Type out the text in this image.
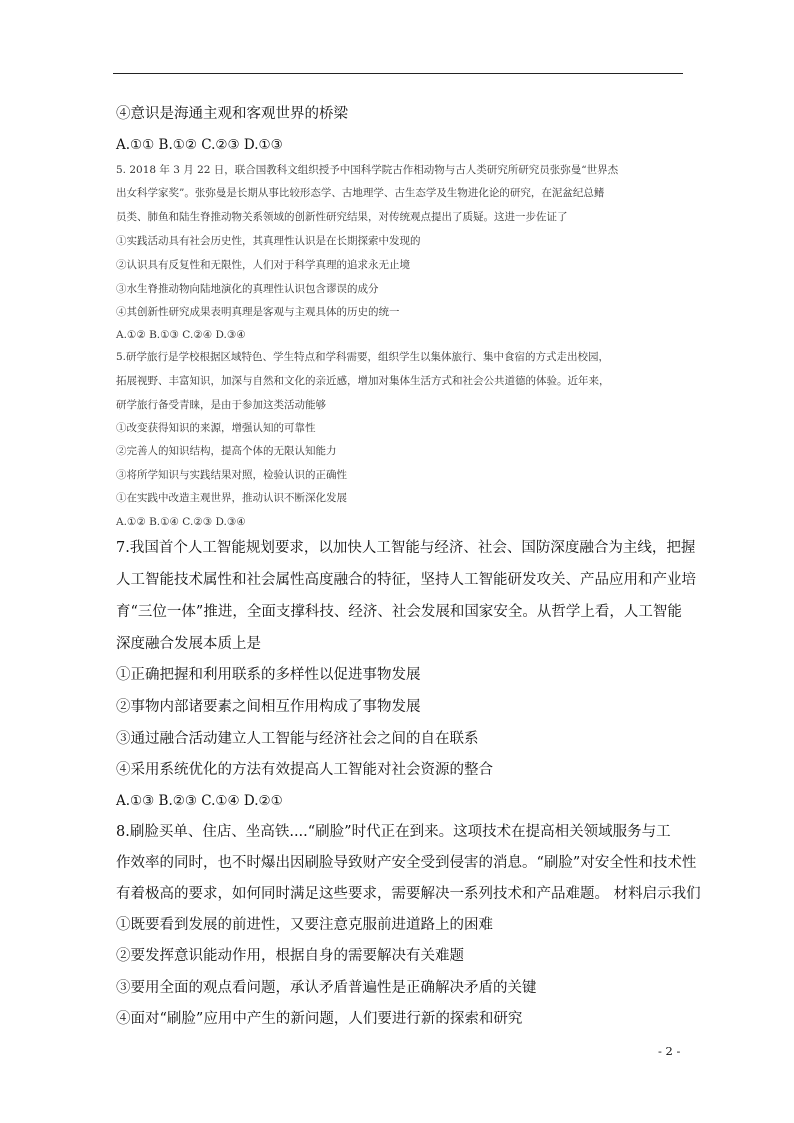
④意识是海通主观和客观世界的桥梁
A.①① B.①② C.②③ D.①③
5. 2018 年 3 月 22 日，联合国教科文组织授予中国科学院古作相动物与古人类研究所研究员张弥曼“世界杰
出女科学家奖”。张弥曼是长期从事比较形态学、古地理学、古生态学及生物进化论的研究，在泥盆纪总鳍
员类、肺鱼和陆生脊推动物关系领域的创新性研究结果，对传统观点提出了质疑。这进一步佐证了
①实践活动具有社会历史性，其真理性认识是在长期探索中发现的
②认识具有反复性和无限性，人们对于科学真理的追求永无止境
③水生脊推动物向陆地演化的真理性认识包含谬误的成分
④其创新性研究成果表明真理是客观与主观具体的历史的统一
A.①② B.①③ C.②④ D.③④
5.研学旅行是学校根据区域特色、学生特点和学科需要，组织学生以集体旅行、集中食宿的方式走出校园，
拓展视野、丰富知识，加深与自然和文化的亲近感，增加对集体生活方式和社会公共道德的体验。近年来，
研学旅行备受青睐，是由于参加这类活动能够
①改变获得知识的来源，增强认知的可靠性
②完善人的知识结构，提高个体的无限认知能力
③将所学知识与实践结果对照，检验认识的正确性
①在实践中改造主观世界，推动认识不断深化发展
A.①② B.①④ C.②③ D.③④
7.我国首个人工智能规划要求，以加快人工智能与经济、社会、国防深度融合为主线，把握
人工智能技术属性和社会属性高度融合的特征，坚持人工智能研发攻关、产品应用和产业培
育“三位一体”推进，全面支撑科技、经济、社会发展和国家安全。从哲学上看，人工智能
深度融合发展本质上是
①正确把握和利用联系的多样性以促进事物发展
②事物内部诸要素之间相互作用构成了事物发展
③通过融合活动建立人工智能与经济社会之间的自在联系
④采用系统优化的方法有效提高人工智能对社会资源的整合
A.①③ B.②③ C.①④ D.②①
8.刷脸买单、住店、坐高铁....“刷脸”时代正在到来。这项技术在提高相关领域服务与工
作效率的同时，也不时爆出因刷脸导致财产安全受到侵害的消息。“刷脸”对安全性和技术性
有着极高的要求，如何同时满足这些要求，需要解决一系列技术和产品难题。 材料启示我们
①既要看到发展的前进性，又要注意克服前进道路上的困难
②要发挥意识能动作用，根据自身的需要解决有关难题
③要用全面的观点看问题，承认矛盾普遍性是正确解决矛盾的关键
④面对“刷脸”应用中产生的新问题，人们要进行新的探索和研究
- 2 -
